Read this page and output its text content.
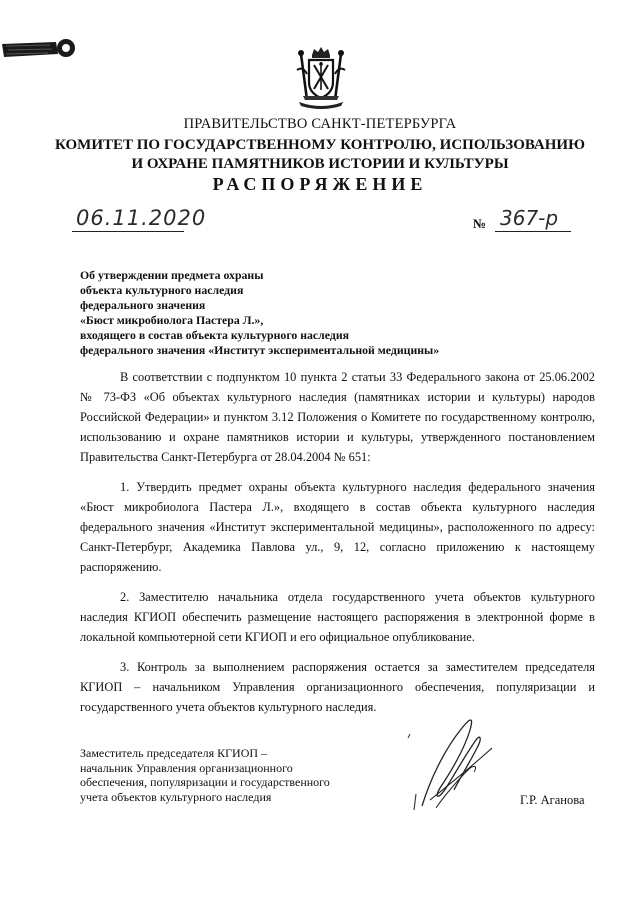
ПРАВИТЕЛЬСТВО САНКТ-ПЕТЕРБУРГА
КОМИТЕТ ПО ГОСУДАРСТВЕННОМУ КОНТРОЛЮ, ИСПОЛЬЗОВАНИЮ
И ОХРАНЕ ПАМЯТНИКОВ ИСТОРИИ И КУЛЬТУРЫ
РАСПОРЯЖЕНИЕ
06.11.2020	№ 367-р
Об утверждении предмета охраны
объекта культурного наследия
федерального значения
«Бюст микробиолога Пастера Л.»,
входящего в состав объекта культурного наследия
федерального значения «Институт экспериментальной медицины»
В соответствии с подпунктом 10 пункта 2 статьи 33 Федерального закона от 25.06.2002 № 73-ФЗ «Об объектах культурного наследия (памятниках истории и культуры) народов Российской Федерации» и пунктом 3.12 Положения о Комитете по государственному контролю, использованию и охране памятников истории и культуры, утвержденного постановлением Правительства Санкт-Петербурга от 28.04.2004 № 651:
1. Утвердить предмет охраны объекта культурного наследия федерального значения «Бюст микробиолога Пастера Л.», входящего в состав объекта культурного наследия федерального значения «Институт экспериментальной медицины», расположенного по адресу: Санкт-Петербург, Академика Павлова ул., 9, 12, согласно приложению к настоящему распоряжению.
2. Заместителю начальника отдела государственного учета объектов культурного наследия КГИОП обеспечить размещение настоящего распоряжения в электронной форме в локальной компьютерной сети КГИОП и его официальное опубликование.
3. Контроль за выполнением распоряжения остается за заместителем председателя КГИОП – начальником Управления организационного обеспечения, популяризации и государственного учета объектов культурного наследия.
Заместитель председателя КГИОП –
начальник Управления организационного
обеспечения, популяризации и государственного
учета объектов культурного наследия	Г.Р. Аганова
